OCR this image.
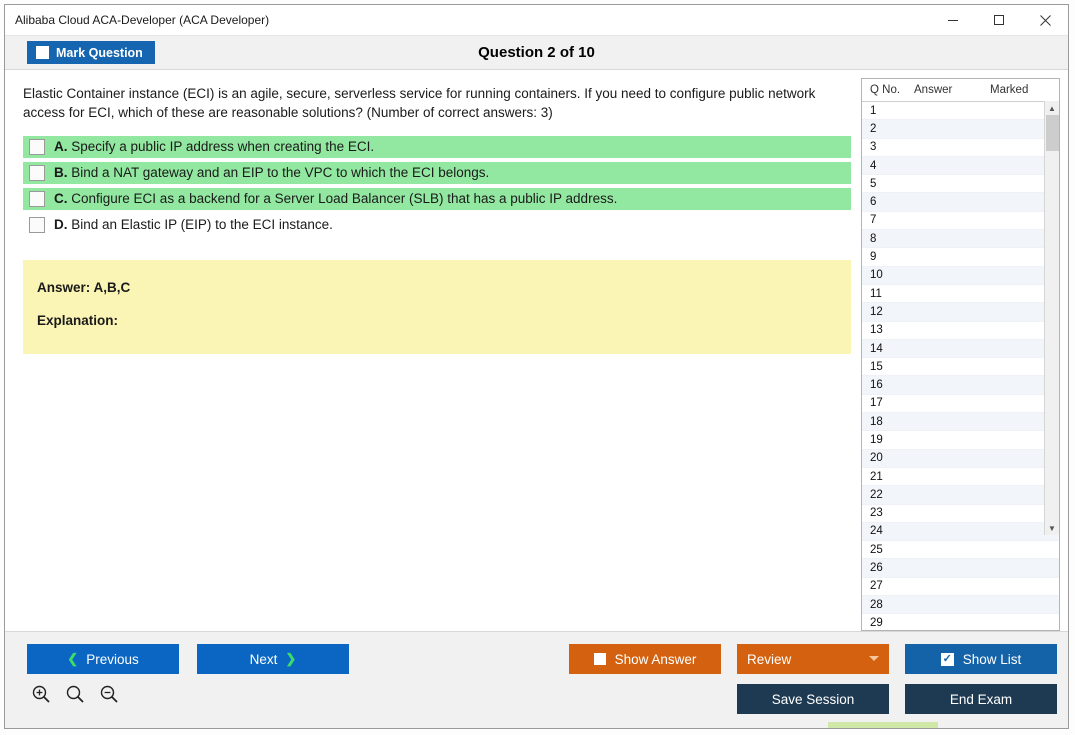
Alibaba Cloud ACA-Developer (ACA Developer)
Mark Question	Question 2 of 10
Elastic Container instance (ECI) is an agile, secure, serverless service for running containers. If you need to configure public network access for ECI, which of these are reasonable solutions? (Number of correct answers: 3)
A. Specify a public IP address when creating the ECI.
B. Bind a NAT gateway and an EIP to the VPC to which the ECI belongs.
C. Configure ECI as a backend for a Server Load Balancer (SLB) that has a public IP address.
D. Bind an Elastic IP (EIP) to the ECI instance.
Answer: A,B,C
Explanation:
Q No.	Answer	Marked
1
2
3
4
5
6
7
8
9
10
11
12
13
14
15
16
17
18
19
20
21
22
23
24
25
26
27
28
29
▲
▼
❮ Previous	Next ❯	Show Answer	Review	✓ Show List
Save Session	End Exam
